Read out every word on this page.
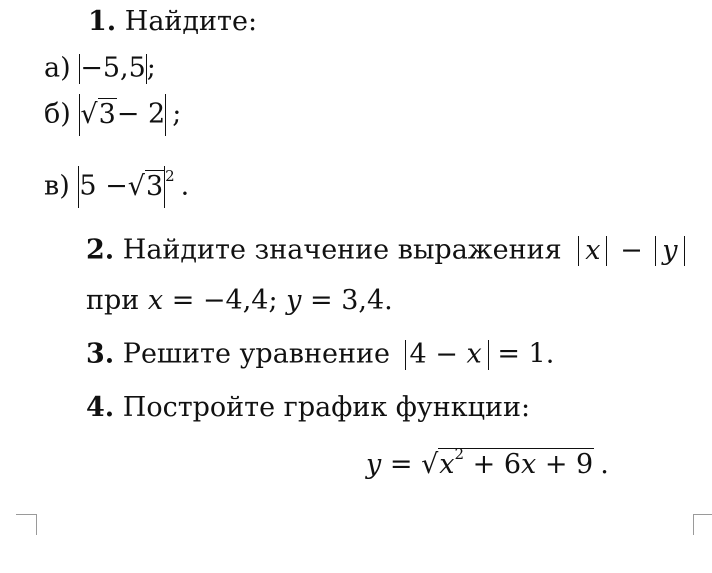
1. Найдите:
а) −5,5;
б) √3− 2 ;
в) 5 −√3 $^2$ .
2. Найдите значение выражения x − y
при x = −4,4; y = 3,4.
3. Решите уравнение 4 − x = 1.
4. Постройте график функции:
$y = √x^2 + 6x + 9$ .
